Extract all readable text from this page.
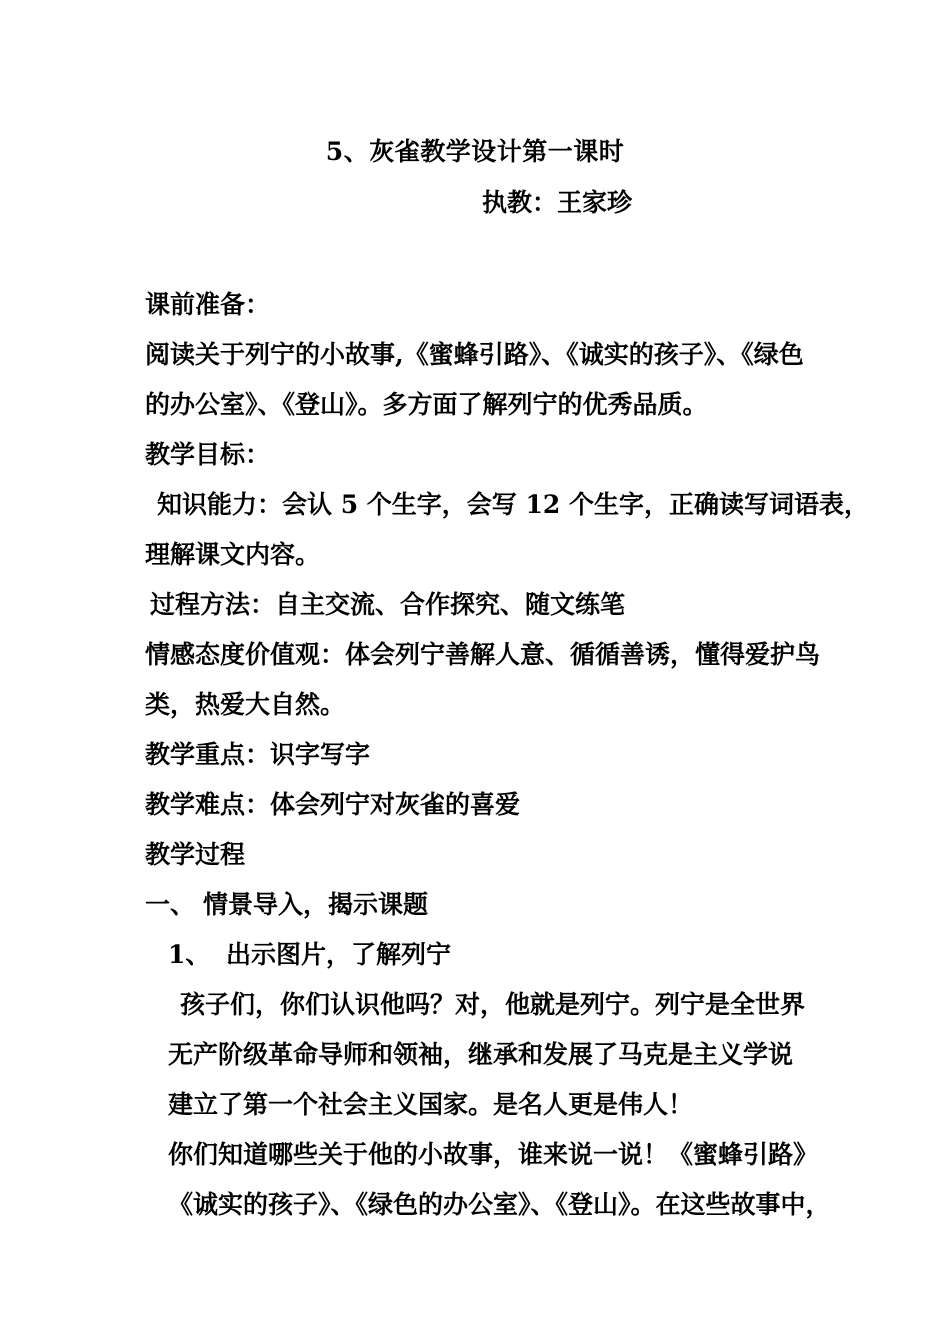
5、灰雀教学设计第一课时
执教：王家珍

课前准备：

阅读关于列宁的小故事,《蜜蜂引路》、《诚实的孩子》、《绿色

的办公室》、《登山》。多方面了解列宁的优秀品质。

教学目标：

知识能力：会认 5 个生字，会写 12 个生字，正确读写词语表，

理解课文内容。

过程方法：自主交流、合作探究、随文练笔

情感态度价值观：体会列宁善解人意、循循善诱，懂得爱护鸟

类，热爱大自然。

教学重点：识字写字

教学难点：体会列宁对灰雀的喜爱

教学过程

一、 情景导入，揭示课题

1、 出示图片，了解列宁

孩子们，你们认识他吗？对，他就是列宁。列宁是全世界

无产阶级革命导师和领袖，继承和发展了马克是主义学说

建立了第一个社会主义国家。是名人更是伟人！

你们知道哪些关于他的小故事，谁来说一说！《蜜蜂引路》

《诚实的孩子》、《绿色的办公室》、《登山》。在这些故事中，
